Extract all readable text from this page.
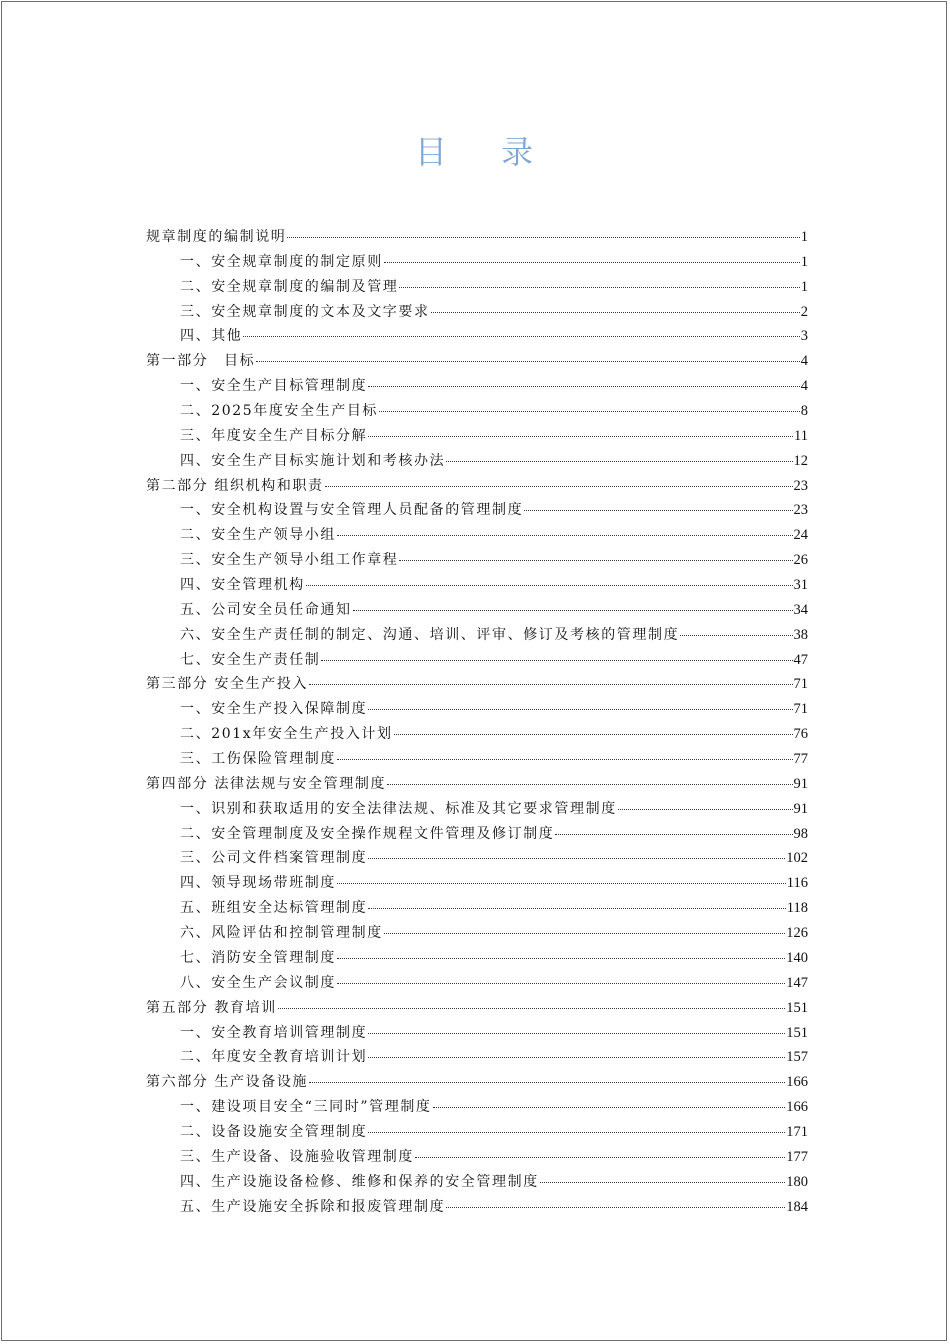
目 录
规章制度的编制说明	1
一、安全规章制度的制定原则	1
二、安全规章制度的编制及管理	1
三、安全规章制度的文本及文字要求	2
四、其他	3
第一部分　目标	4
一、安全生产目标管理制度	4
二、2025年度安全生产目标	8
三、年度安全生产目标分解	11
四、安全生产目标实施计划和考核办法	12
第二部分 组织机构和职责	23
一、安全机构设置与安全管理人员配备的管理制度	23
二、安全生产领导小组	24
三、安全生产领导小组工作章程	26
四、安全管理机构	31
五、公司安全员任命通知	34
六、安全生产责任制的制定、沟通、培训、评审、修订及考核的管理制度	38
七、安全生产责任制	47
第三部分 安全生产投入	71
一、安全生产投入保障制度	71
二、201x年安全生产投入计划	76
三、工伤保险管理制度	77
第四部分 法律法规与安全管理制度	91
一、识别和获取适用的安全法律法规、标准及其它要求管理制度	91
二、安全管理制度及安全操作规程文件管理及修订制度	98
三、公司文件档案管理制度	102
四、领导现场带班制度	116
五、班组安全达标管理制度	118
六、风险评估和控制管理制度	126
七、消防安全管理制度	140
八、安全生产会议制度	147
第五部分 教育培训	151
一、安全教育培训管理制度	151
二、年度安全教育培训计划	157
第六部分 生产设备设施	166
一、建设项目安全“三同时”管理制度	166
二、设备设施安全管理制度	171
三、生产设备、设施验收管理制度	177
四、生产设施设备检修、维修和保养的安全管理制度	180
五、生产设施安全拆除和报废管理制度	184
